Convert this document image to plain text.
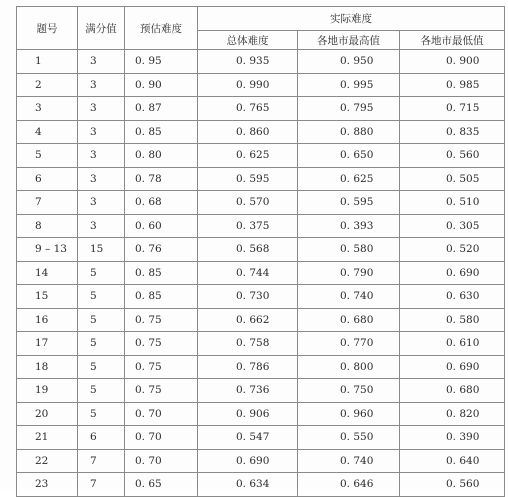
题号	满分值	预估难度	实际难度		
			总体难度	各地市最高值	各地市最低值
1	3	0. 95	0. 935	0. 950	0. 900
2	3	0. 90	0. 990	0. 995	0. 985
3	3	0. 87	0. 765	0. 795	0. 715
4	3	0. 85	0. 860	0. 880	0. 835
5	3	0. 80	0. 625	0. 650	0. 560
6	3	0. 78	0. 595	0. 625	0. 505
7	3	0. 68	0. 570	0. 595	0. 510
8	3	0. 60	0. 375	0. 393	0. 305
9 – 13	15	0. 76	0. 568	0. 580	0. 520
14	5	0. 85	0. 744	0. 790	0. 690
15	5	0. 85	0. 730	0. 740	0. 630
16	5	0. 75	0. 662	0. 680	0. 580
17	5	0. 75	0. 758	0. 770	0. 610
18	5	0. 75	0. 786	0. 800	0. 690
19	5	0. 75	0. 736	0. 750	0. 680
20	5	0. 70	0. 906	0. 960	0. 820
21	6	0. 70	0. 547	0. 550	0. 390
22	7	0. 70	0. 690	0. 740	0. 640
23	7	0. 65	0. 634	0. 646	0. 560
